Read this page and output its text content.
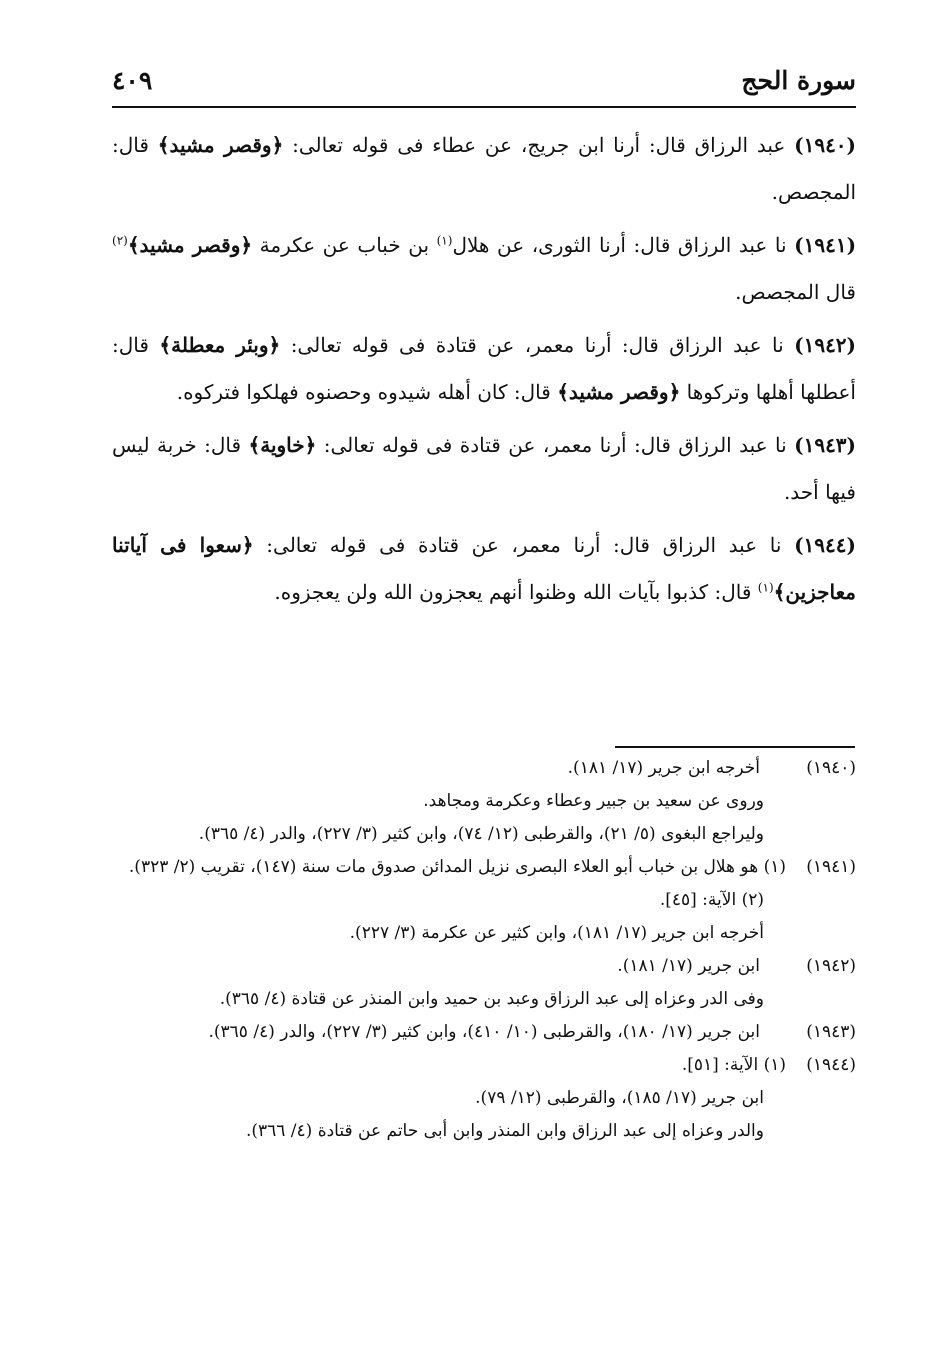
سورة الحج
٤٠٩

(١٩٤٠) عبد الرزاق قال: أرنا ابن جريج، عن عطاء فى قوله تعالى: ﴿وقصر مشيد﴾ قال: المجصص.

(١٩٤١) نا عبد الرزاق قال: أرنا الثورى، عن هلال$^{(١)}$ بن خباب عن عكرمة ﴿وقصر مشيد﴾$^{(٢)}$ قال المجصص.

(١٩٤٢) نا عبد الرزاق قال: أرنا معمر، عن قتادة فى قوله تعالى: ﴿وبئر معطلة﴾ قال: أعطلها أهلها وتركوها ﴿وقصر مشيد﴾ قال: كان أهله شيدوه وحصنوه فهلكوا فتركوه.

(١٩٤٣) نا عبد الرزاق قال: أرنا معمر، عن قتادة فى قوله تعالى: ﴿خاوية﴾ قال: خربة ليس فيها أحد.

(١٩٤٤) نا عبد الرزاق قال: أرنا معمر، عن قتادة فى قوله تعالى: ﴿سعوا فى آياتنا معاجزين﴾$^{(١)}$ قال: كذبوا بآيات الله وظنوا أنهم يعجزون الله ولن يعجزوه.

(١٩٤٠)
أخرجه ابن جرير (١٧/ ١٨١).
وروى عن سعيد بن جبير وعطاء وعكرمة ومجاهد.
وليراجع البغوى (٥/ ٢١)، والقرطبى (١٢/ ٧٤)، وابن كثير (٣/ ٢٢٧)، والدر (٤/ ٣٦٥).
(١٩٤١)
(١) هو هلال بن خباب أبو العلاء البصرى نزيل المدائن صدوق مات سنة (١٤٧)، تقريب (٢/ ٣٢٣).
(٢) الآية: [٤٥].
أخرجه ابن جرير (١٧/ ١٨١)، وابن كثير عن عكرمة (٣/ ٢٢٧).
(١٩٤٢)
ابن جرير (١٧/ ١٨١).
وفى الدر وعزاه إلى عبد الرزاق وعبد بن حميد وابن المنذر عن قتادة (٤/ ٣٦٥).
(١٩٤٣)
ابن جرير (١٧/ ١٨٠)، والقرطبى (١٠/ ٤١٠)، وابن كثير (٣/ ٢٢٧)، والدر (٤/ ٣٦٥).
(١٩٤٤)
(١) الآية: [٥١].
ابن جرير (١٧/ ١٨٥)، والقرطبى (١٢/ ٧٩).
والدر وعزاه إلى عبد الرزاق وابن المنذر وابن أبى حاتم عن قتادة (٤/ ٣٦٦).
